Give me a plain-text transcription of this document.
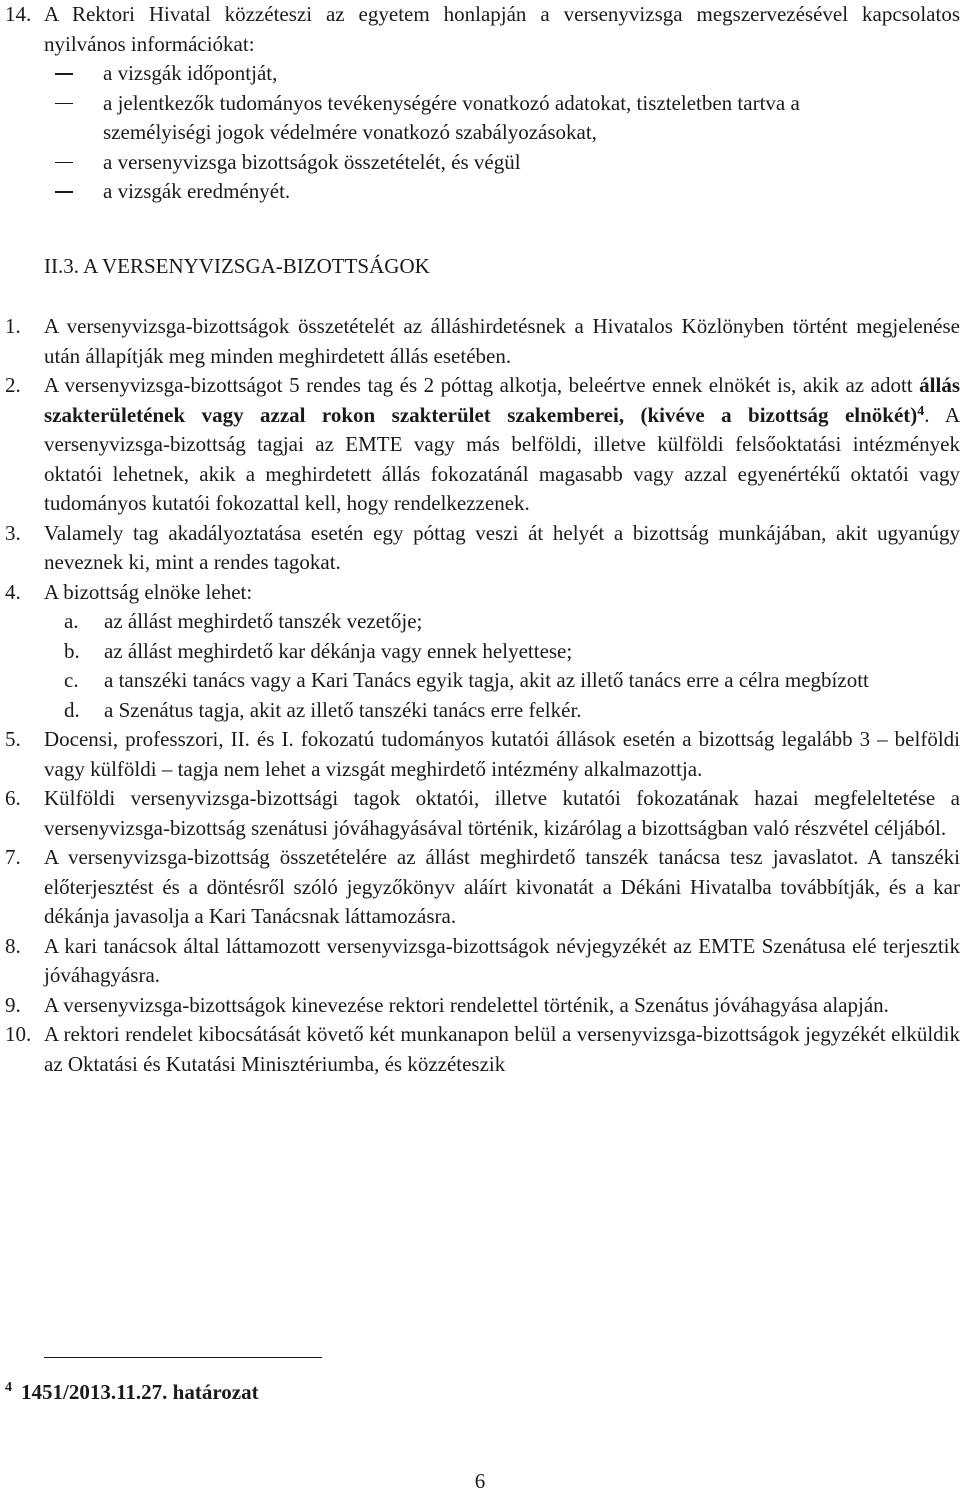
14. A Rektori Hivatal közzéteszi az egyetem honlapján a versenyvizsga megszervezésével kapcsolatos nyilvános információkat:
a vizsgák időpontját,
a jelentkezők tudományos tevékenységére vonatkozó adatokat, tiszteletben tartva a személyiségi jogok védelmére vonatkozó szabályozásokat,
a versenyvizsga bizottságok összetételét, és végül
a vizsgák eredményét.
II.3. A VERSENYVIZSGA-BIZOTTSÁGOK
1. A versenyvizsga-bizottságok összetételét az álláshirdetésnek a Hivatalos Közlönyben történt megjelenése után állapítják meg minden meghirdetett állás esetében.
2. A versenyvizsga-bizottságot 5 rendes tag és 2 póttag alkotja, beleértve ennek elnökét is, akik az adott állás szakterületének vagy azzal rokon szakterület szakemberei, (kivéve a bizottság elnökét)$^4$. A versenyvizsga-bizottság tagjai az EMTE vagy más belföldi, illetve külföldi felsőoktatási intézmények oktatói lehetnek, akik a meghirdetett állás fokozatánál magasabb vagy azzal egyenértékű oktatói vagy tudományos kutatói fokozattal kell, hogy rendelkezzenek.
3. Valamely tag akadályoztatása esetén egy póttag veszi át helyét a bizottság munkájában, akit ugyanúgy neveznek ki, mint a rendes tagokat.
4. A bizottság elnöke lehet:
a. az állást meghirdető tanszék vezetője;
b. az állást meghirdető kar dékánja vagy ennek helyettese;
c. a tanszéki tanács vagy a Kari Tanács egyik tagja, akit az illető tanács erre a célra megbízott
d. a Szenátus tagja, akit az illető tanszéki tanács erre felkér.
5. Docensi, professzori, II. és I. fokozatú tudományos kutatói állások esetén a bizottság legalább 3 – belföldi vagy külföldi – tagja nem lehet a vizsgát meghirdető intézmény alkalmazottja.
6. Külföldi versenyvizsga-bizottsági tagok oktatói, illetve kutatói fokozatának hazai megfeleltetése a versenyvizsga-bizottság szenátusi jóváhagyásával történik, kizárólag a bizottságban való részvétel céljából.
7. A versenyvizsga-bizottság összetételére az állást meghirdető tanszék tanácsa tesz javaslatot. A tanszéki előterjesztést és a döntésről szóló jegyzőkönyv aláírt kivonatát a Dékáni Hivatalba továbbítják, és a kar dékánja javasolja a Kari Tanácsnak láttamozásra.
8. A kari tanácsok által láttamozott versenyvizsga-bizottságok névjegyzékét az EMTE Szenátusa elé terjesztik jóváhagyásra.
9. A versenyvizsga-bizottságok kinevezése rektori rendelettel történik, a Szenátus jóváhagyása alapján.
10. A rektori rendelet kibocsátását követő két munkanapon belül a versenyvizsga-bizottságok jegyzékét elküldik az Oktatási és Kutatási Minisztériumba, és közzéteszik
$^4$ 1451/2013.11.27. határozat
6
